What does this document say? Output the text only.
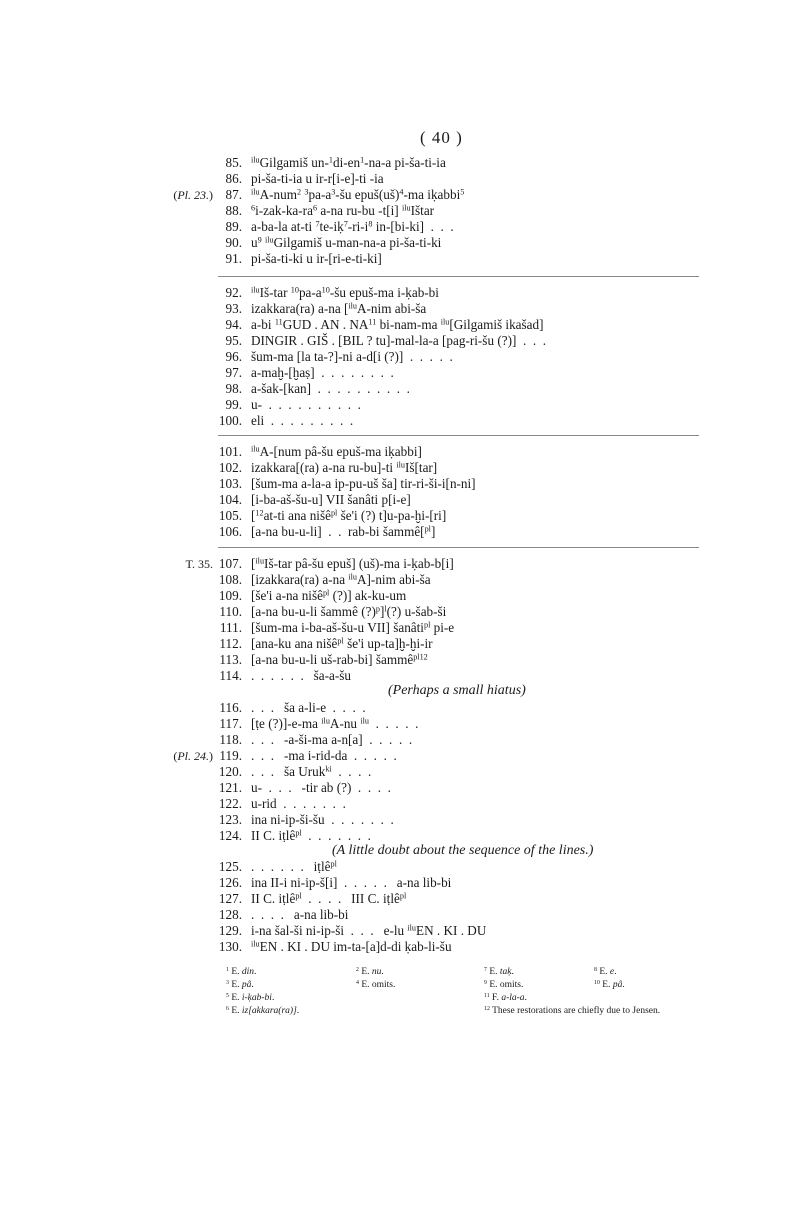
( 40 )
85. $^{ilu}$Gilgamiš $un-^1di-en^1-na-a$ pi-ša-ti-ia
86. pi-ša-ti-ia u ir-r[i-e]-ti -ia
(Pl. 23.) 87. $^{ilu}$A-num$^2$ $^3pa-a^3-šu$ epuš(uš)$^4$-ma iḳabbi$^5$
88. $^6i-zak-ka-ra^6$ a-na ru-bu -t[i] $^{ilu}$Ištar
89. a-ba-la at-ti $^7te-iḳ^7-ri-i^8$ in-[bi-ki]  .  .  .
90. $u^9$ $^{ilu}$Gilgamiš u-man-na-a pi-ša-ti-ki
91. pi-ša-ti-ki u ir-[ri-e-ti-ki]
92. $^{ilu}$Iš-tar $^{10}pa-a^{10}-šu$ epuš-ma i-ḳab-bi
93. izakkara(ra) a-na [$^{ilu}$A-nim abi-ša
94. a-bi $^{11}$GUD . AN . NA$^{11}$ bi-nam-ma $^{ilu}$[Gilgamiš ikašad]
95. DINGIR . GIŠ . [BIL ? tu]-mal-la-a [pag-ri-šu (?)]  .  .  .
96. šum-ma [la ta-?]-ni a-d[i (?)]  .  .  .  .  .
97. a-maḫ-[ḫaṣ]  .  .  .  .  .  .  .  .
98. a-šak-[kan]  .  .  .  .  .  .  .  .  .  .
99. u-  .  .  .  .  .  .  .  .  .  .
100. eli  .  .  .  .  .  .  .  .  .
101. $^{ilu}$A-[num pâ-šu epuš-ma iḳabbi]
102. izakkara[(ra) a-na ru-bu]-ti $^{ilu}$Iš[tar]
103. [šum-ma a-la-a ip-pu-uš ša] tir-ri-ši-i[n-ni]
104. [i-ba-aš-šu-u] VII šanâti p[i-e]
105. [$^{12}$at-ti ana nišê$^{pl}$ še'i (?) t]u-pa-ḫi-[ri]
106. [a-na bu-u-li]  .  .  rab-bi šammê[$^{pl}$]
T. 35. 107. [$^{ilu}$Iš-tar pâ-šu epuš] (uš)-ma i-ḳab-b[i]
108. [izakkara(ra) a-na $^{ilu}$A]-nim abi-ša
109. [še'i a-na nišê$^{pl}$ (?)] ak-ku-um
110. [a-na bu-u-li šammê (?)$^p$]$^l$(?) u-šab-ši
111. [šum-ma i-ba-aš-šu-u VII] šanâti$^{pl}$ pi-e
112. [ana-ku ana nišê$^{pl}$ še'i up-ta]ḫ-ḫi-ir
113. [a-na bu-u-li uš-rab-bi] šammê$^{pl12}$
114. .  .  .  .  .  .   ša-a-šu
(Perhaps a small hiatus)
116. .  .  .   ša a-li-e  .  .  .  .
117. [ṭe (?)]-e-ma $^{ilu}$A-nu $^{ilu}$  .  .  .  .  .
118. .  .  .   -a-ši-ma a-n[a]  .  .  .  .  .
(Pl. 24.) 119. .  .  .   -ma i-rid-da  .  .  .  .  .
120. .  .  .   ša Uruk$^{ki}$  .  .  .  .
121. u-  .  .  .   -tir ab (?)  .  .  .  .
122. u-rid  .  .  .  .  .  .  .
123. ina ni-ip-ši-šu  .  .  .  .  .  .  .
124. II C. iṭlê$^{pl}$  .  .  .  .  .  .  .
(A little doubt about the sequence of the lines.)
125. .  .  .  .  .  .   iṭlê$^{pl}$
126. ina II-i ni-ip-š[i]  .  .  .  .  .   a-na lib-bi
127. II C. iṭlê$^{pl}$  .  .  .  .   III C. iṭlê$^{pl}$
128. .  .  .  .   a-na lib-bi
129. i-na šal-ši ni-ip-ši  .  .  .   e-lu $^{ilu}$EN . KI . DU
130. $^{ilu}$EN . KI . DU im-ta-[a]d-di ḳab-li-šu
$^1$ E. din.
$^3$ E. pâ.
$^5$ E. i-ḳab-bi.
$^6$ E. iz[akkara(ra)].
$^2$ E. nu.
$^4$ E. omits.
$^7$ E. taḳ.
$^9$ E. omits.
$^{11}$ F. a-la-a.
$^{12}$ These restorations are chiefly due to Jensen.
$^8$ E. e.
$^{10}$ E. pâ.
